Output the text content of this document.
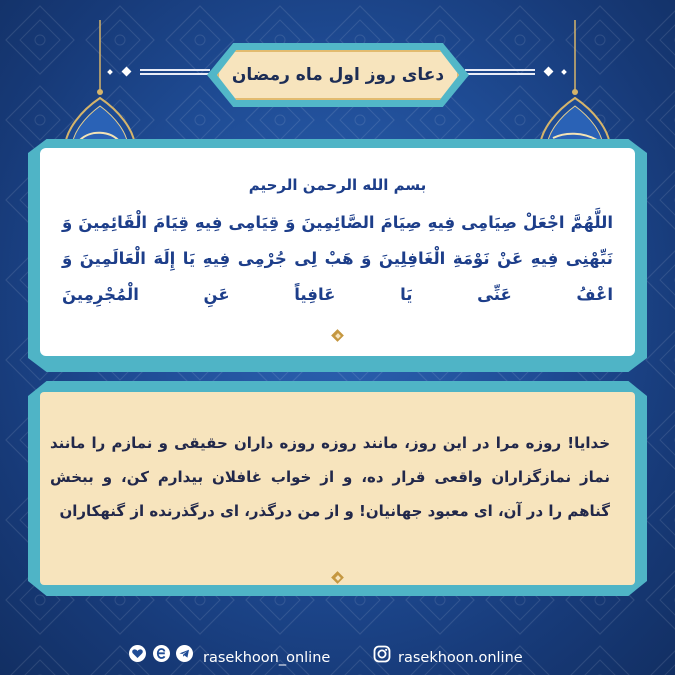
دعای روز اول ماه رمضان
بسم الله الرحمن الرحيم

اللَّهُمَّ اجْعَلْ صِيَامِی فِيهِ صِيَامَ الصَّائِمِينَ وَ قِيَامِی فِيهِ قِيَامَ الْقَائِمِينَ وَ نَبِّهْنِی فِيهِ عَنْ نَوْمَةِ الْغَافِلِينَ وَ هَبْ لِی جُرْمِی فِيهِ يَا إِلَهَ الْعَالَمِينَ وَ اعْفُ عَنِّی يَا عَافِياً عَنِ الْمُجْرِمِينَ

خدایا! روزه مرا در این روز، مانند روزه روزه داران حقیقی و نمازم را مانند نماز نمازگزاران واقعی قرار ده، و از خواب غافلان بیدارم کن، و ببخش گناهم را در آن، ای معبود جهانیان! و از من درگذر، ای درگذرنده از گنهکاران

rasekhoon_online	rasekhoon.online
